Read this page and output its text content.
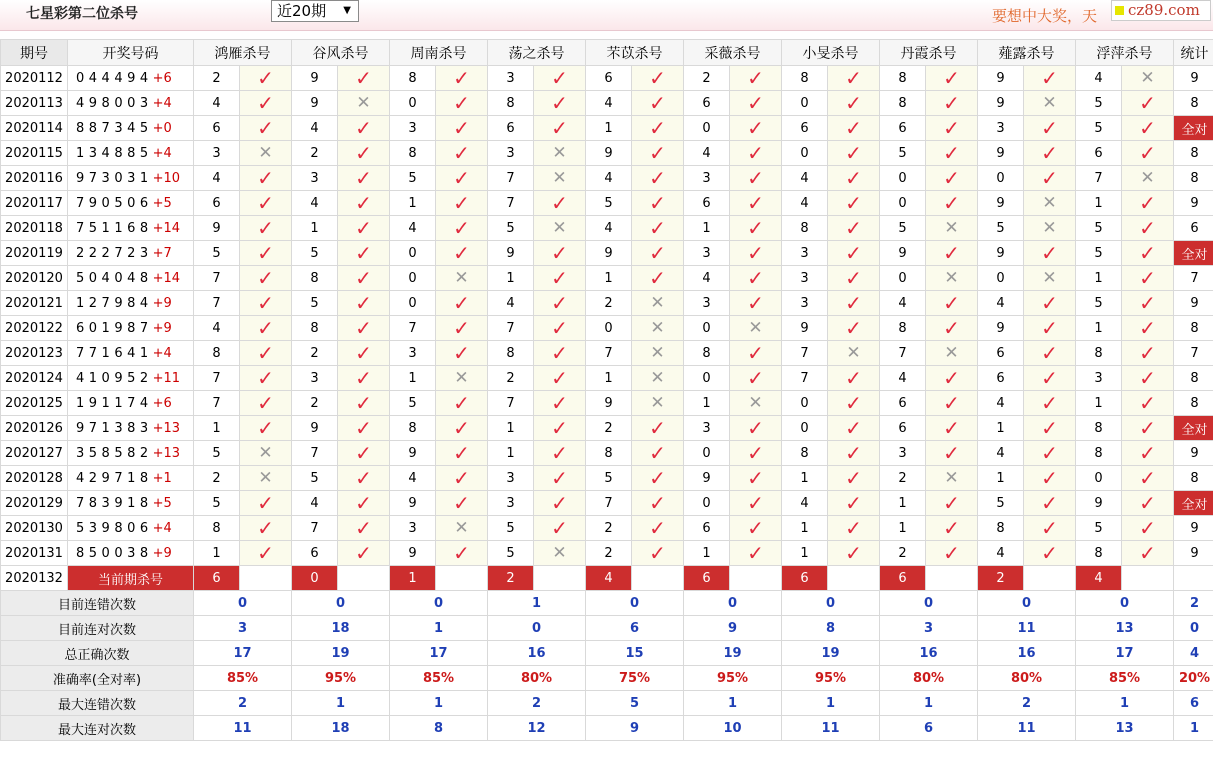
七星彩第二位杀号	近20期 ▼	要想中大奖，天 cz89.com
期号	开奖号码	鸿雁杀号		谷风杀号		周南杀号		荡之杀号		芣苡杀号		采薇杀号		小旻杀号		丹霞杀号		薤露杀号		浮萍杀号		统计
2020112	044494+6	2	✓	9	✓	8	✓	3	✓	6	✓	2	✓	8	✓	8	✓	9	✓	4	✕	9
2020113	498003+4	4	✓	9	✕	0	✓	8	✓	4	✓	6	✓	0	✓	8	✓	9	✕	5	✓	8
2020114	887345+0	6	✓	4	✓	3	✓	6	✓	1	✓	0	✓	6	✓	6	✓	3	✓	5	✓	全对
2020115	134885+4	3	✕	2	✓	8	✓	3	✕	9	✓	4	✓	0	✓	5	✓	9	✓	6	✓	8
2020116	973031+10	4	✓	3	✓	5	✓	7	✕	4	✓	3	✓	4	✓	0	✓	0	✓	7	✕	8
2020117	790506+5	6	✓	4	✓	1	✓	7	✓	5	✓	6	✓	4	✓	0	✓	9	✕	1	✓	9
2020118	751168+14	9	✓	1	✓	4	✓	5	✕	4	✓	1	✓	8	✓	5	✕	5	✕	5	✓	6
2020119	222723+7	5	✓	5	✓	0	✓	9	✓	9	✓	3	✓	3	✓	9	✓	9	✓	5	✓	全对
2020120	504048+14	7	✓	8	✓	0	✕	1	✓	1	✓	4	✓	3	✓	0	✕	0	✕	1	✓	7
2020121	127984+9	7	✓	5	✓	0	✓	4	✓	2	✕	3	✓	3	✓	4	✓	4	✓	5	✓	9
2020122	601987+9	4	✓	8	✓	7	✓	7	✓	0	✕	0	✕	9	✓	8	✓	9	✓	1	✓	8
2020123	771641+4	8	✓	2	✓	3	✓	8	✓	7	✕	8	✓	7	✕	7	✕	6	✓	8	✓	7
2020124	410952+11	7	✓	3	✓	1	✕	2	✓	1	✕	0	✓	7	✓	4	✓	6	✓	3	✓	8
2020125	191174+6	7	✓	2	✓	5	✓	7	✓	9	✕	1	✕	0	✓	6	✓	4	✓	1	✓	8
2020126	971383+13	1	✓	9	✓	8	✓	1	✓	2	✓	3	✓	0	✓	6	✓	1	✓	8	✓	全对
2020127	358582+13	5	✕	7	✓	9	✓	1	✓	8	✓	0	✓	8	✓	3	✓	4	✓	8	✓	9
2020128	429718+1	2	✕	5	✓	4	✓	3	✓	5	✓	9	✓	1	✓	2	✕	1	✓	0	✓	8
2020129	783918+5	5	✓	4	✓	9	✓	3	✓	7	✓	0	✓	4	✓	1	✓	5	✓	9	✓	全对
2020130	539806+4	8	✓	7	✓	3	✕	5	✓	2	✓	6	✓	1	✓	1	✓	8	✓	5	✓	9
2020131	850038+9	1	✓	6	✓	9	✓	5	✕	2	✓	1	✓	1	✓	2	✓	4	✓	8	✓	9
2020132	当前期杀号	6		0		1		2		4		6		6		6		2		4		
目前连错次数		0		0		0		1		0		0		0		0		0		0		2
目前连对次数		3		18		1		0		6		9		8		3		11		13		0
总正确次数		17		19		17		16		15		19		19		16		16		17		4
准确率(全对率)		85%		95%		85%		80%		75%		95%		95%		80%		80%		85%		20%
最大连错次数		2		1		1		2		5		1		1		1		2		1		6
最大连对次数		11		18		8		12		9		10		11		6		11		13		1
